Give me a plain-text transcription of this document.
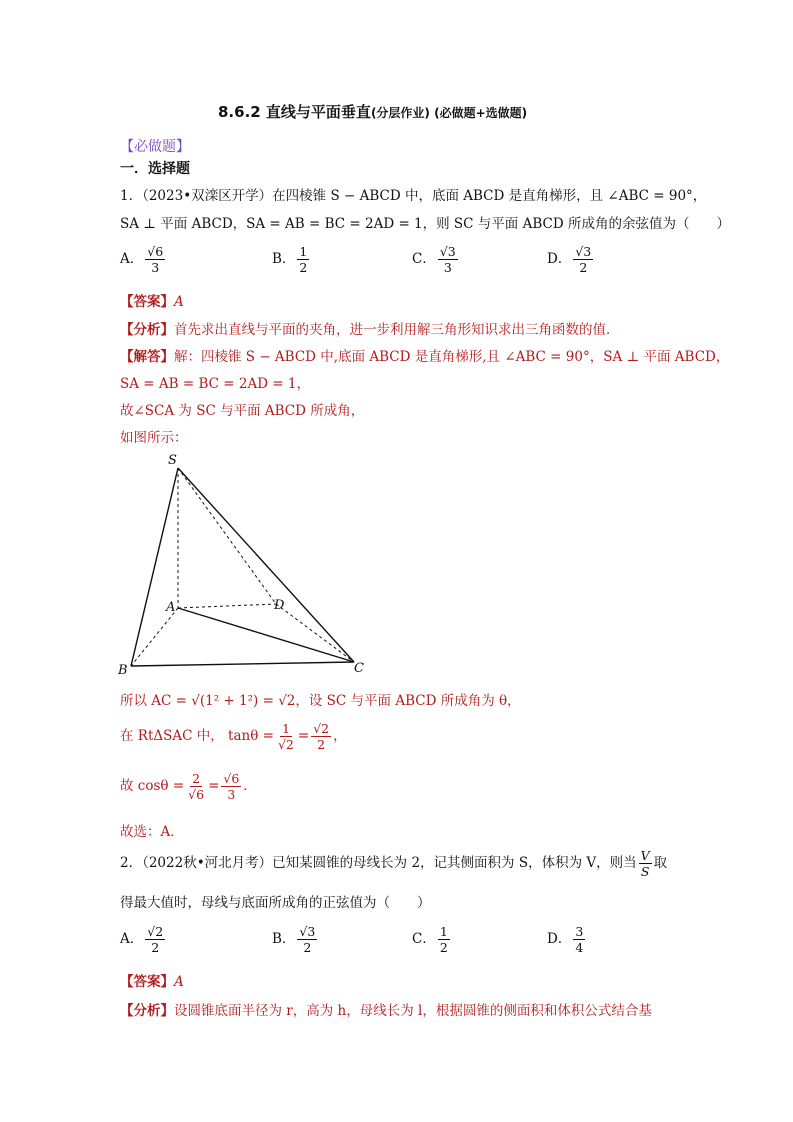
8.6.2 直线与平面垂直(分层作业) (必做题+选做题)
【必做题】
一．选择题
1．（2023•双滦区开学）在四棱锥 S − ABCD 中，底面 ABCD 是直角梯形，且 ∠ABC = 90°，
SA ⊥ 平面 ABCD，SA = AB = BC = 2AD = 1，则 SC 与平面 ABCD 所成角的余弦值为（　　）
A． $\frac{√6}{3}$	B． $\frac{1}{2}$	C． $\frac{√3}{3}$	D． $\frac{√3}{2}$
【答案】A
【分析】首先求出直线与平面的夹角，进一步利用解三角形知识求出三角函数的值．
【解答】解：四棱锥 S − ABCD 中,底面 ABCD 是直角梯形,且 ∠ABC = 90°，SA ⊥ 平面 ABCD，
SA = AB = BC = 2AD = 1，
故∠SCA 为 SC 与平面 ABCD 所成角，
如图所示：
S
A	D
B	C
所以 AC = √(1² + 1²) = √2，设 SC 与平面 ABCD 所成角为 θ，
在 RtΔSAC 中， $\tan\theta = \frac{1}{√2} = \frac{√2}{2}$ ，
故 $\cos\theta = \frac{2}{√6} = \frac{√6}{3}$ ．
故选：A．
2．（2022秋•河北月考）已知某圆锥的母线长为 2，记其侧面积为 S，体积为 V，则当 $\frac{V}{S}$ 取
得最大值时，母线与底面所成角的正弦值为（　　）
A． $\frac{√2}{2}$	B． $\frac{√3}{2}$	C． $\frac{1}{2}$	D． $\frac{3}{4}$
【答案】A
【分析】设圆锥底面半径为 r，高为 h，母线长为 l，根据圆锥的侧面积和体积公式结合基
